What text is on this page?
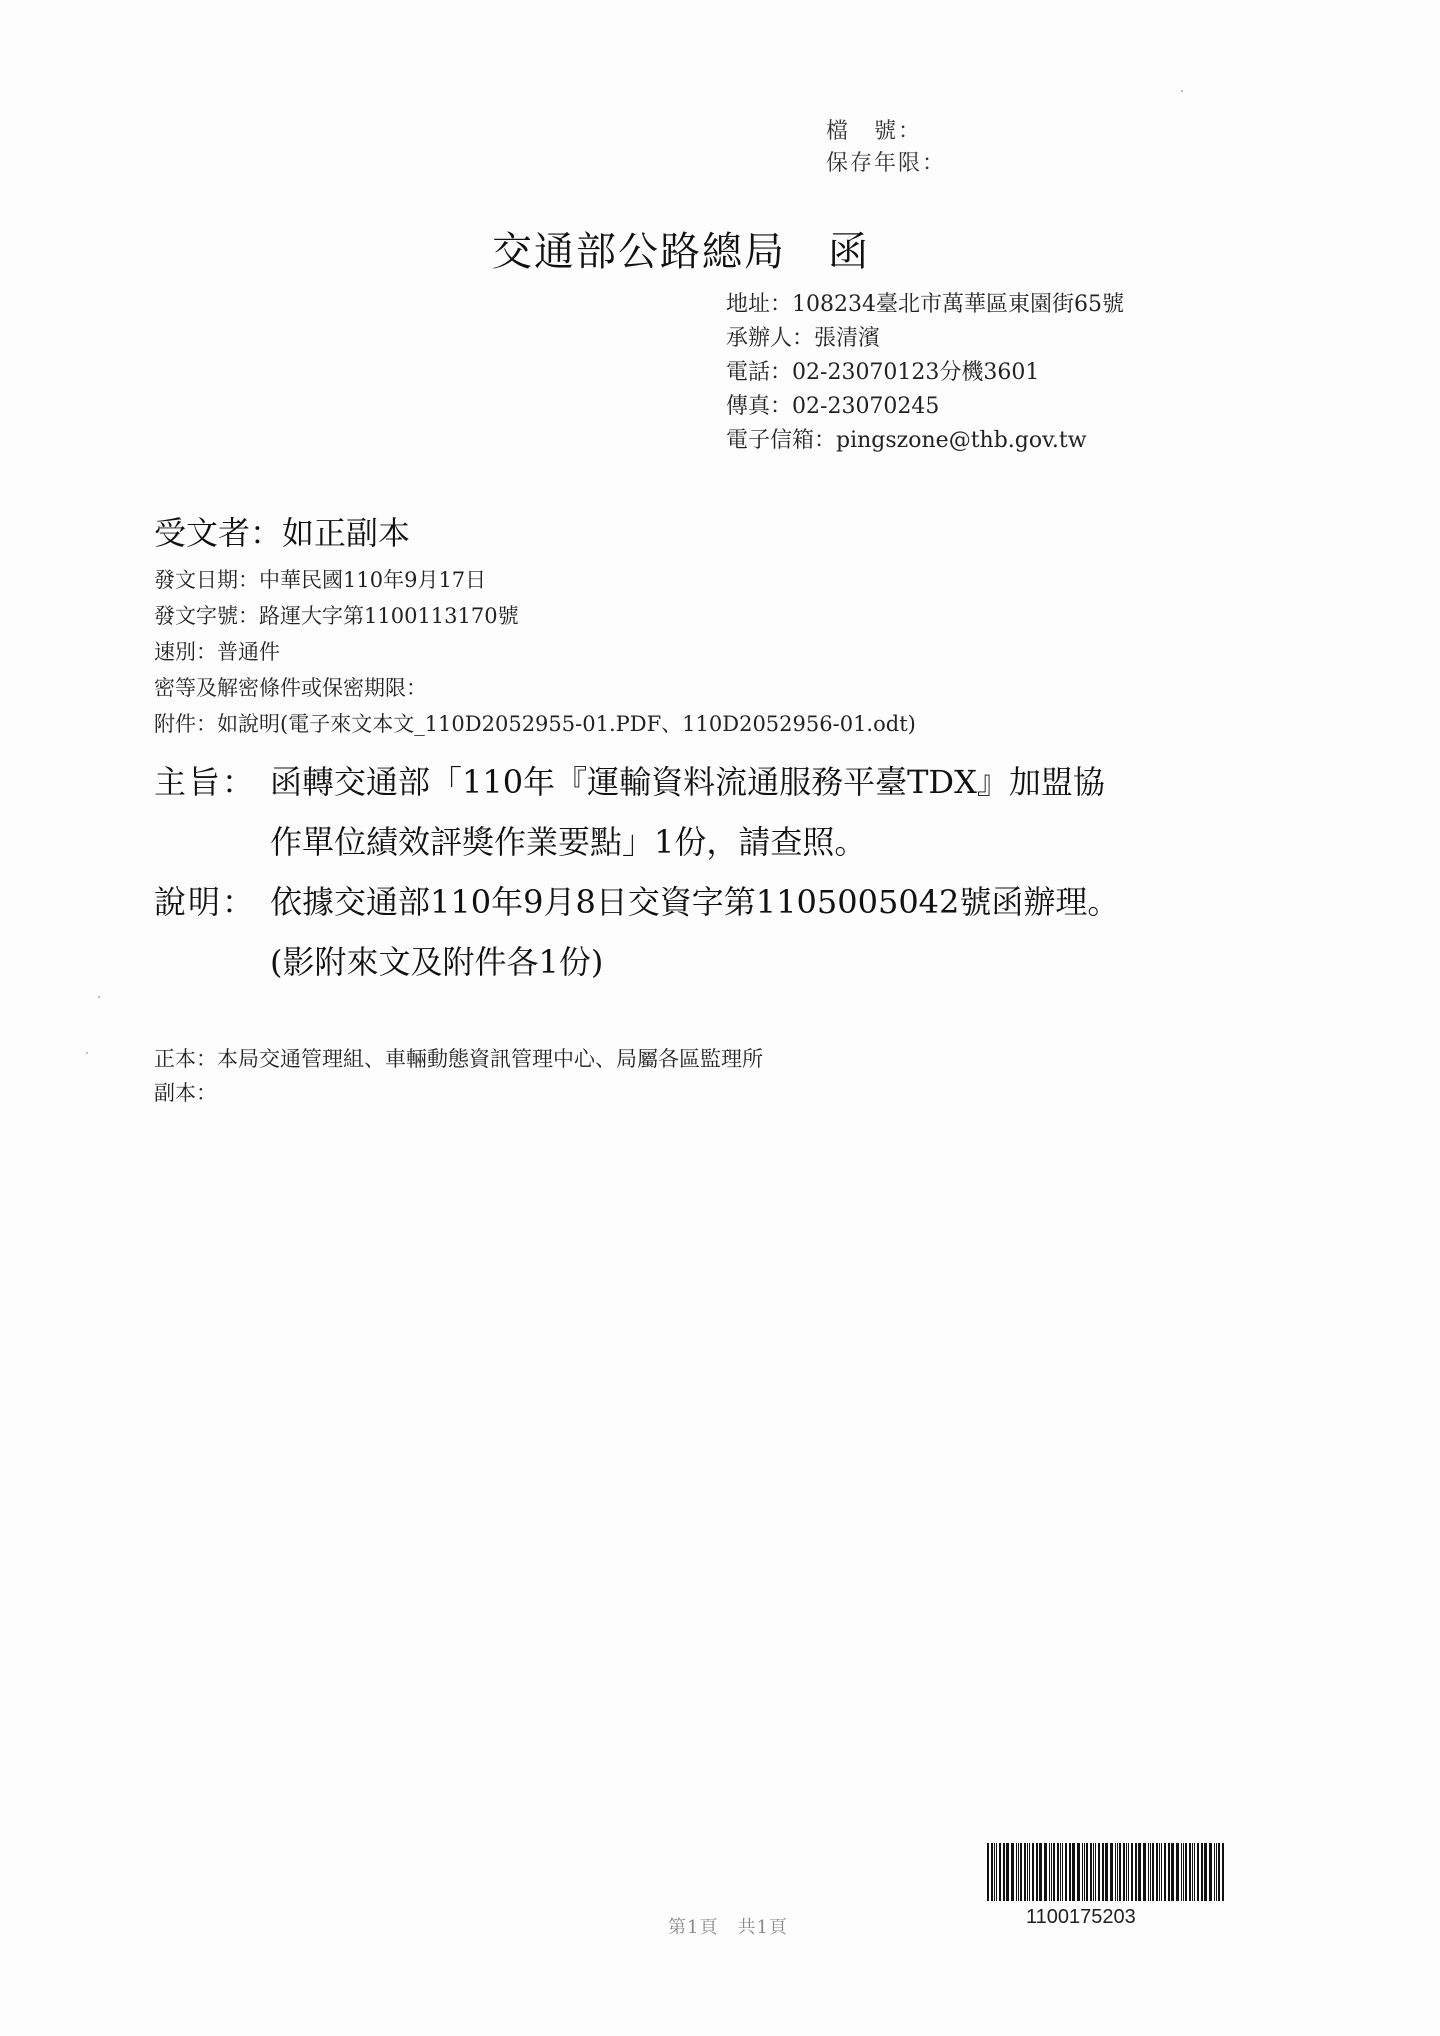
檔　號：
保存年限：
交通部公路總局　函
地址： 108234臺北市萬華區東園街65號
承辦人： 張清濱
電話： 02-23070123分機3601
傳真： 02-23070245
電子信箱： pingszone@thb.gov.tw
受文者：如正副本
發文日期：中華民國110年9月17日
發文字號：路運大字第1100113170號
速別：普通件
密等及解密條件或保密期限：
附件：如說明(電子來文本文_110D2052955-01.PDF、110D2052956-01.odt)
主旨： 函轉交通部「110年『運輸資料流通服務平臺TDX』加盟協
作單位績效評獎作業要點」1份，請查照。
說明： 依據交通部110年9月8日交資字第1105005042號函辦理。
(影附來文及附件各1份)
正本：本局交通管理組、車輛動態資訊管理中心、局屬各區監理所
副本：
第1頁　共1頁	1100175203
